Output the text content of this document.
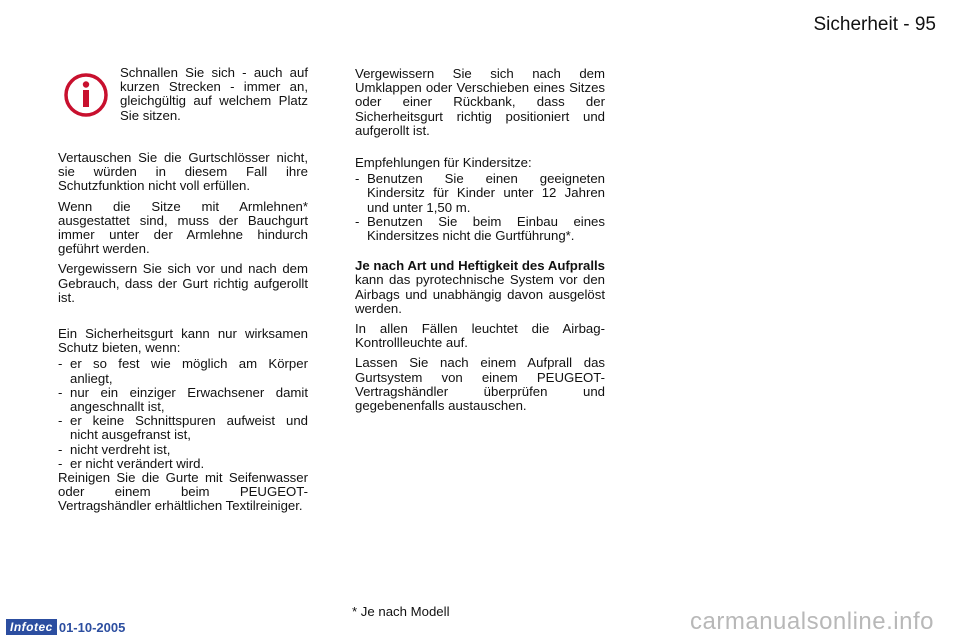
Sicherheit - 95
Schnallen Sie sich - auch auf kurzen Strecken - immer an, gleichgültig auf welchem Platz Sie sitzen.

Vertauschen Sie die Gurtschlösser nicht, sie würden in diesem Fall ihre Schutzfunktion nicht voll erfüllen.

Wenn die Sitze mit Armlehnen* ausgestattet sind, muss der Bauchgurt immer unter der Armlehne hindurch geführt werden.

Vergewissern Sie sich vor und nach dem Gebrauch, dass der Gurt richtig aufgerollt ist.

Ein Sicherheitsgurt kann nur wirksamen Schutz bieten, wenn:

- er so fest wie möglich am Körper anliegt,
- nur ein einziger Erwachsener damit angeschnallt ist,
- er keine Schnittspuren aufweist und nicht ausgefranst ist,
- nicht verdreht ist,
- er nicht verändert wird.

Reinigen Sie die Gurte mit Seifenwasser oder einem beim PEUGEOT-Vertragshändler erhältlichen Textilreiniger.

Vergewissern Sie sich nach dem Umklappen oder Verschieben eines Sitzes oder einer Rückbank, dass der Sicherheitsgurt richtig positioniert und aufgerollt ist.

Empfehlungen für Kindersitze:

- Benutzen Sie einen geeigneten Kindersitz für Kinder unter 12 Jahren und unter 1,50 m.
- Benutzen Sie beim Einbau eines Kindersitzes nicht die Gurtführung*.

Je nach Art und Heftigkeit des Aufpralls kann das pyrotechnische System vor den Airbags und unabhängig davon ausgelöst werden.

In allen Fällen leuchtet die Airbag-Kontrollleuchte auf.

Lassen Sie nach einem Aufprall das Gurtsystem von einem PEUGEOT-Vertragshändler überprüfen und gegebenenfalls austauschen.

* Je nach Modell
Infotec 01-10-2005	carmanualsonline.info
